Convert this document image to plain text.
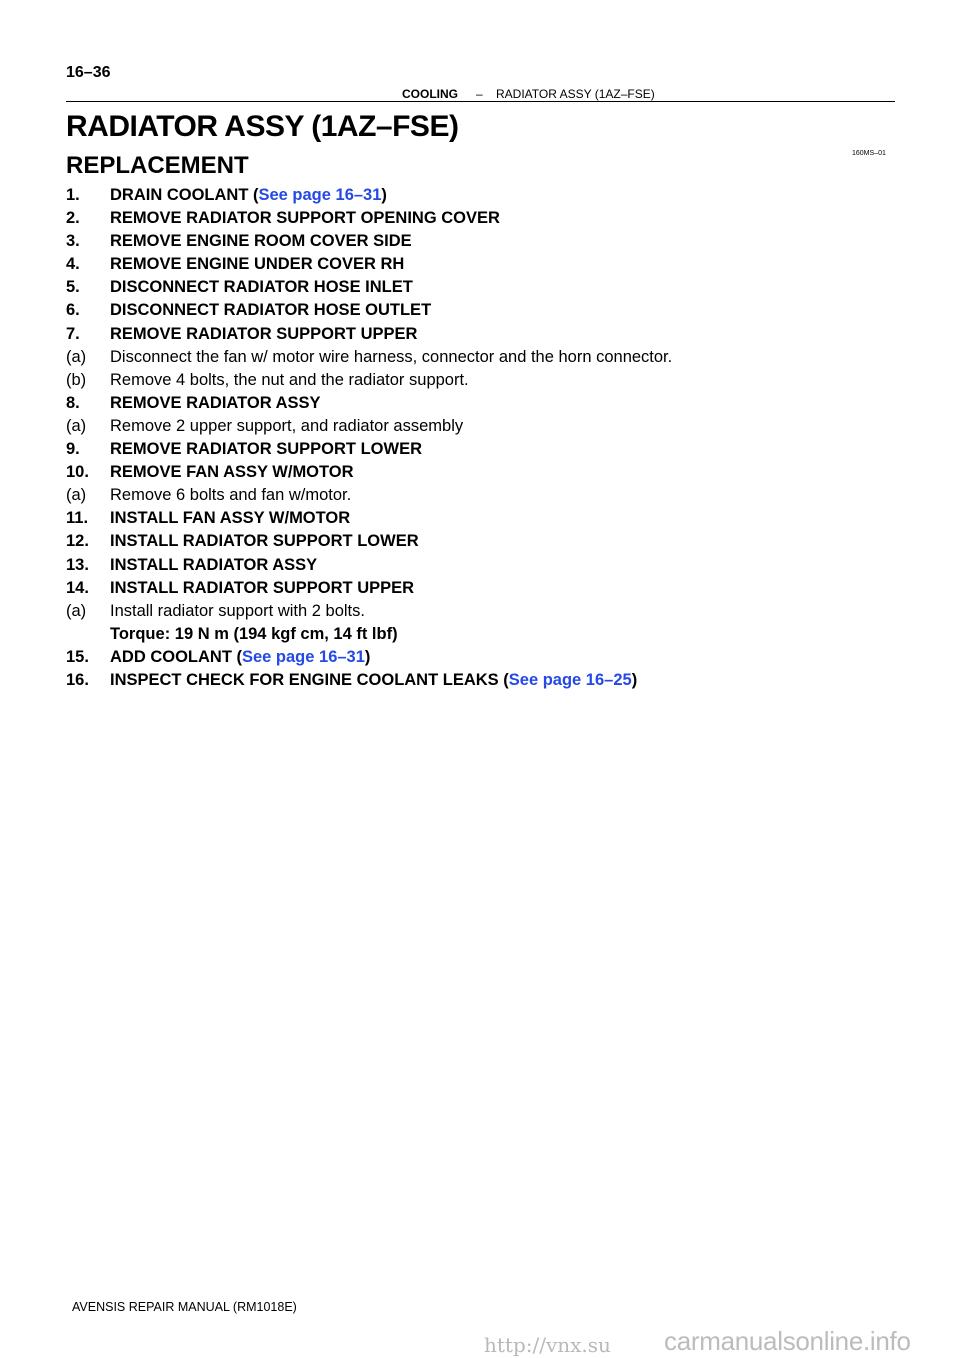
16–36
COOLING – RADIATOR ASSY (1AZ–FSE)
RADIATOR ASSY (1AZ–FSE)
REPLACEMENT	160MS–01
1. DRAIN COOLANT (See page 16–31)
2. REMOVE RADIATOR SUPPORT OPENING COVER
3. REMOVE ENGINE ROOM COVER SIDE
4. REMOVE ENGINE UNDER COVER RH
5. DISCONNECT RADIATOR HOSE INLET
6. DISCONNECT RADIATOR HOSE OUTLET
7. REMOVE RADIATOR SUPPORT UPPER
(a) Disconnect the fan w/ motor wire harness, connector and the horn connector.
(b) Remove 4 bolts, the nut and the radiator support.
8. REMOVE RADIATOR ASSY
(a) Remove 2 upper support, and radiator assembly
9. REMOVE RADIATOR SUPPORT LOWER
10. REMOVE FAN ASSY W/MOTOR
(a) Remove 6 bolts and fan w/motor.
11. INSTALL FAN ASSY W/MOTOR
12. INSTALL RADIATOR SUPPORT LOWER
13. INSTALL RADIATOR ASSY
14. INSTALL RADIATOR SUPPORT UPPER
(a) Install radiator support with 2 bolts.
Torque: 19 N m (194 kgf cm, 14 ft lbf)
15. ADD COOLANT (See page 16–31)
16. INSPECT CHECK FOR ENGINE COOLANT LEAKS (See page 16–25)
AVENSIS REPAIR MANUAL (RM1018E)
http://vnx.su carmanualsonline.info
